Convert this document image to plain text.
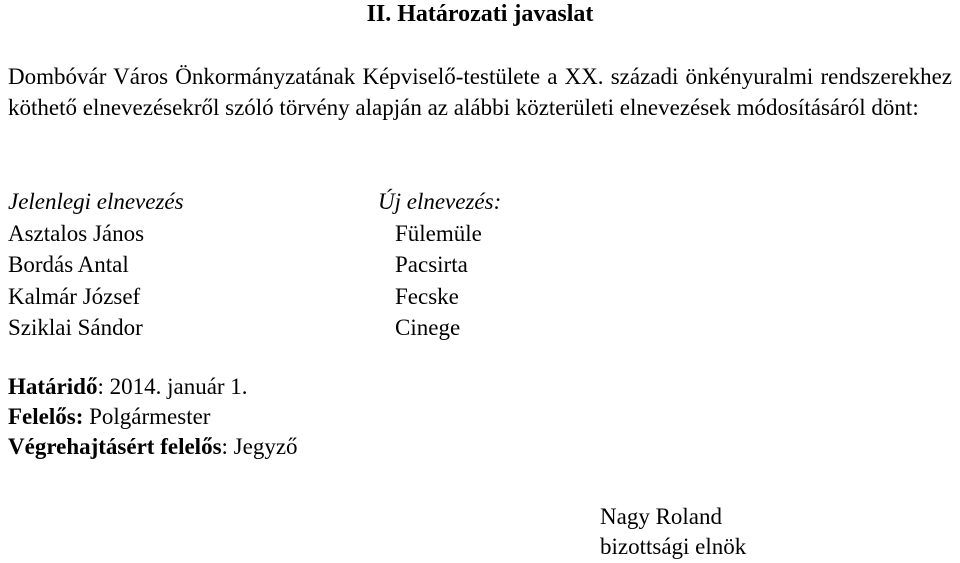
II. Határozati javaslat
Dombóvár Város Önkormányzatának Képviselő-testülete a XX. századi önkényuralmi rendszerekhez köthető elnevezésekről szóló törvény alapján az alábbi közterületi elnevezések módosításáról dönt:
Jelenlegi elnevezés
Asztalos János
Bordás Antal
Kalmár József
Sziklai Sándor
Új elnevezés:
Fülemüle
Pacsirta
Fecske
Cinege
Határidő: 2014. január 1.
Felelős: Polgármester
Végrehajtásért felelős: Jegyző
Nagy Roland
bizottsági elnök
